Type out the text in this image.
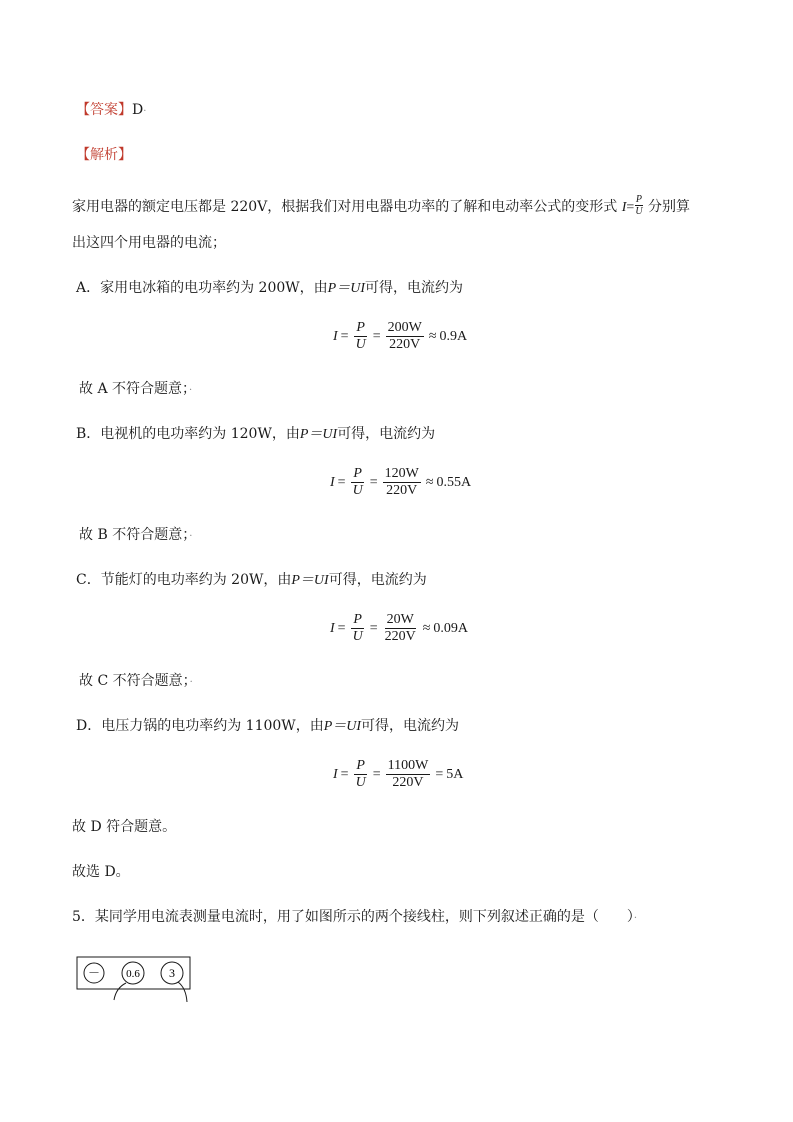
【答案】D·
【解析】
家用电器的额定电压都是 220V，根据我们对用电器电功率的了解和电动率公式的变形式 $I= \frac{P}{U}$ 分别算
出这四个用电器的电流；
A．家用电冰箱的电功率约为 200W，由P＝UI可得，电流约为
$I = \frac{P}{U} = \frac{200W}{220V} \approx 0.9A$
故 A 不符合题意；·
B．电视机的电功率约为 120W，由P＝UI可得，电流约为
$I = \frac{P}{U} = \frac{120W}{220V} \approx 0.55A$
故 B 不符合题意；·
C．节能灯的电功率约为 20W，由P＝UI可得，电流约为
$I = \frac{P}{U} = \frac{20W}{220V} \approx 0.09A$
故 C 不符合题意；·
D．电压力锅的电功率约为 1100W，由P＝UI可得，电流约为
$I = \frac{P}{U} = \frac{1100W}{220V} = 5A$
故 D 符合题意。
故选 D。
5．某同学用电流表测量电流时，用了如图所示的两个接线柱，则下列叙述正确的是（　　）·
－ 0.6 3
